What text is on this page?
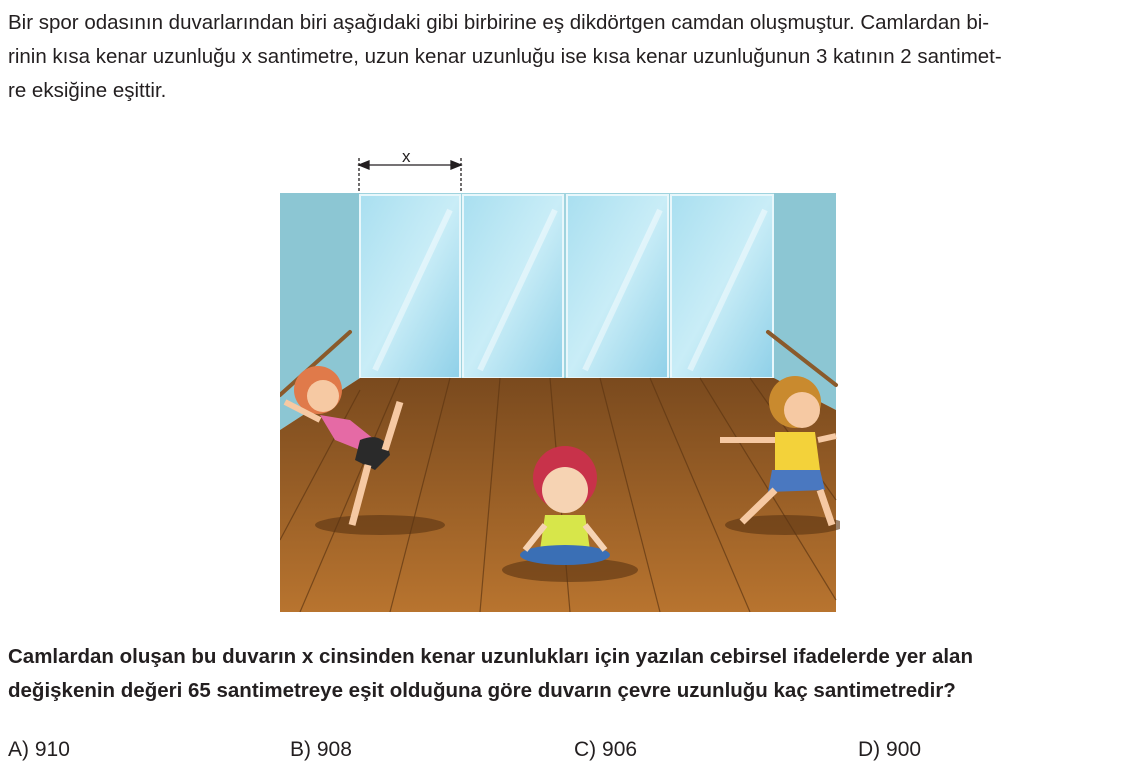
Bir spor odasının duvarlarından biri aşağıdaki gibi birbirine eş dikdörtgen camdan oluşmuştur. Camlardan bi-
rinin kısa kenar uzunluğu x santimetre, uzun kenar uzunluğu ise kısa kenar uzunluğunun 3 katının 2 santimet-
re eksiğine eşittir.

x

Camlardan oluşan bu duvarın x cinsinden kenar uzunlukları için yazılan cebirsel ifadelerde yer alan
değişkenin değeri 65 santimetreye eşit olduğuna göre duvarın çevre uzunluğu kaç santimetredir?

A) 910	B) 908	C) 906	D) 900
